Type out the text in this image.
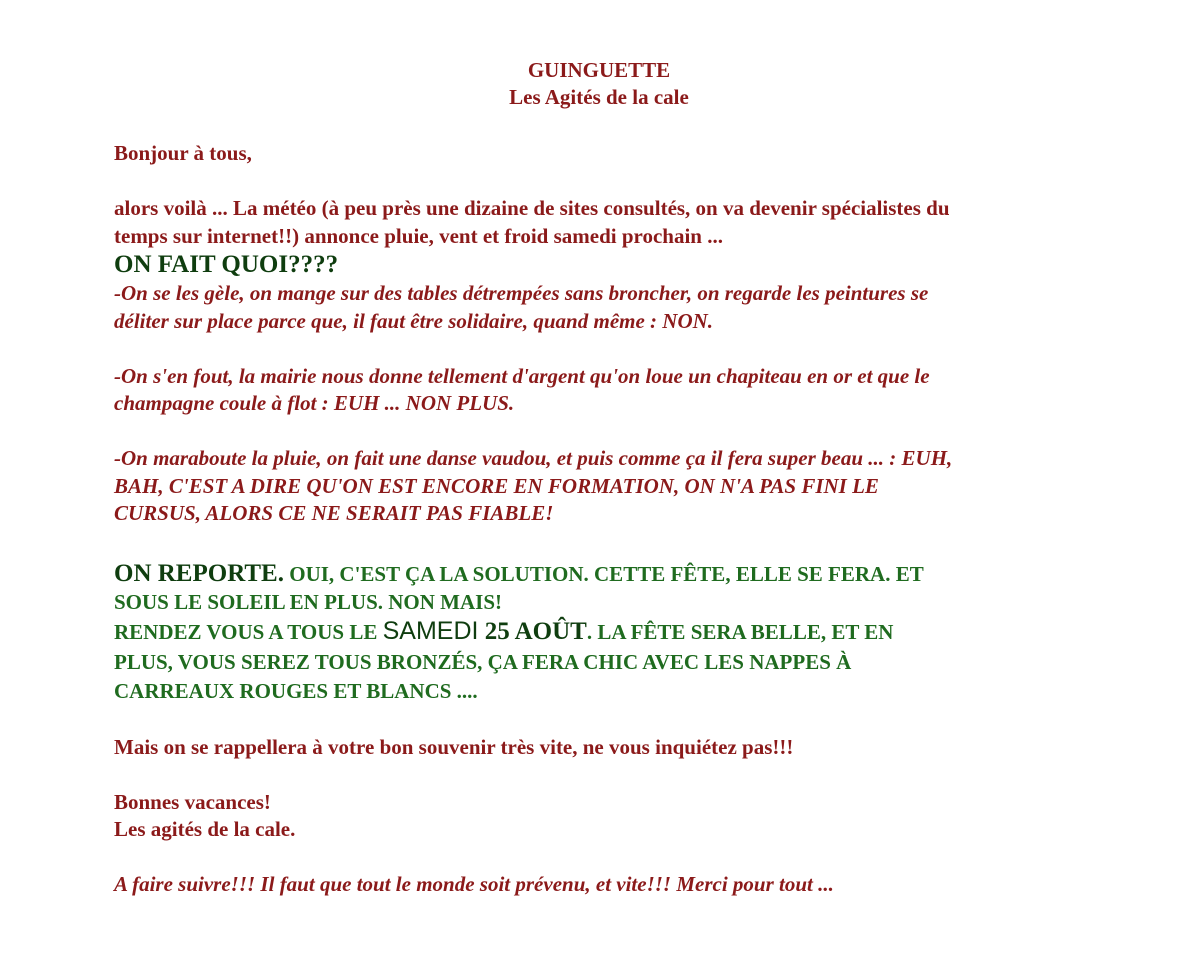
GUINGUETTE
Les Agités de la cale

Bonjour à tous,

alors voilà ... La météo (à peu près une dizaine de sites consultés, on va devenir spécialistes du

temps sur internet!!) annonce pluie, vent et froid samedi prochain ...

ON FAIT QUOI????

-On se les gèle, on mange sur des tables détrempées sans broncher, on regarde les peintures se

déliter sur place parce que, il faut être solidaire, quand même : NON.

-On s'en fout, la mairie nous donne tellement d'argent qu'on loue un chapiteau en or et que le

champagne coule à flot : EUH ... NON PLUS.

-On maraboute la pluie, on fait une danse vaudou, et puis comme ça il fera super beau ... : EUH,

BAH, C'EST A DIRE QU'ON EST ENCORE EN FORMATION, ON N'A PAS FINI LE

CURSUS, ALORS CE NE SERAIT PAS FIABLE!

ON REPORTE. OUI, C'EST ÇA LA SOLUTION. CETTE FÊTE, ELLE SE FERA. ET

SOUS LE SOLEIL EN PLUS. NON MAIS!

RENDEZ VOUS A TOUS LE SAMEDI 25 AOÛT. LA FÊTE SERA BELLE, ET EN

PLUS, VOUS SEREZ TOUS BRONZÉS, ÇA FERA CHIC AVEC LES NAPPES À

CARREAUX ROUGES ET BLANCS ....

Mais on se rappellera à votre bon souvenir très vite, ne vous inquiétez pas!!!

Bonnes vacances!

Les agités de la cale.

A faire suivre!!! Il faut que tout le monde soit prévenu, et vite!!! Merci pour tout ...
